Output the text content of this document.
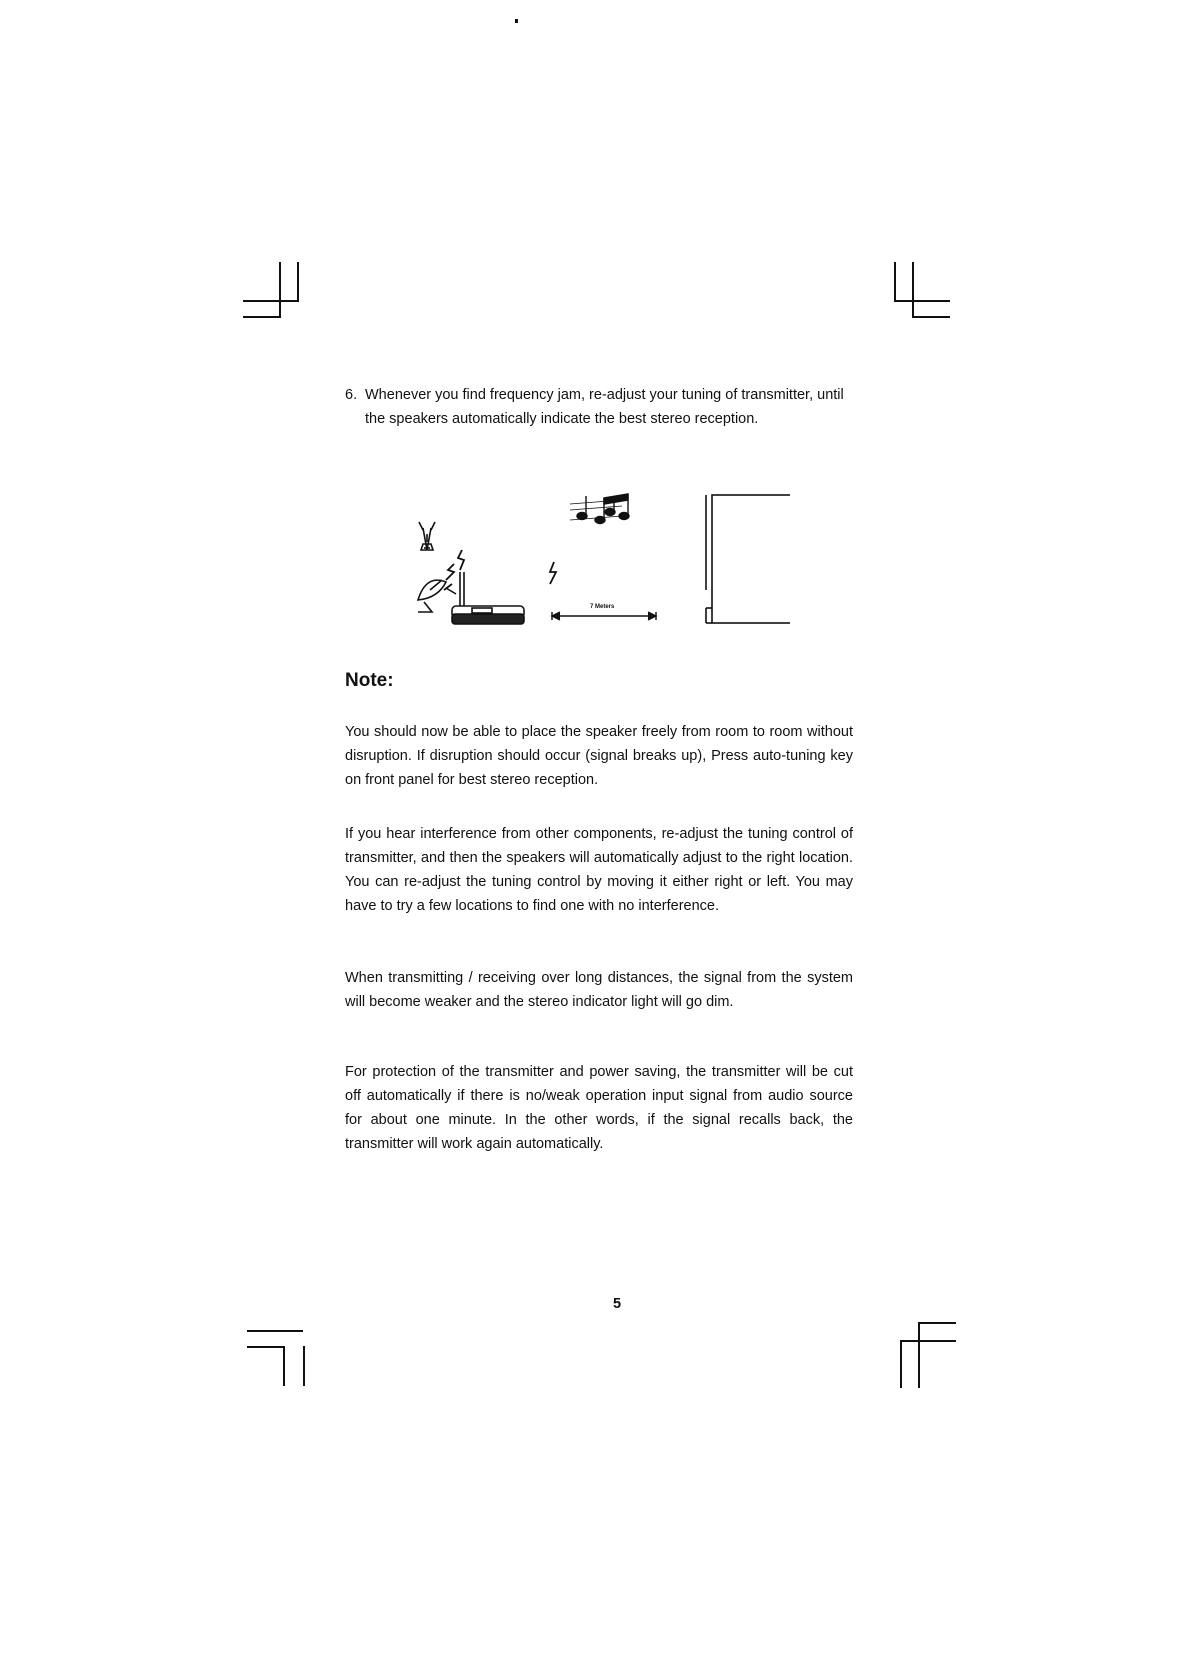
6. Whenever you find frequency jam, re-adjust your tuning of transmitter, until the speakers automatically indicate the best stereo reception.
7 Meters
Note:

You should now be able to place the speaker freely from room to room without disruption. If disruption should occur (signal breaks up), Press auto-tuning key on front panel for best stereo reception.

If you hear interference from other components, re-adjust the tuning control of transmitter, and then the speakers will automatically adjust to the right location. You can re-adjust the tuning control by moving it either right or left. You may have to try a few locations to find one with no interference.

When transmitting / receiving over long distances, the signal from the system will become weaker and the stereo indicator light will go dim.

For protection of the transmitter and power saving, the transmitter will be cut off automatically if there is no/weak operation input signal from audio source for about one minute. In the other words, if the signal recalls back, the transmitter will work again automatically.

5
